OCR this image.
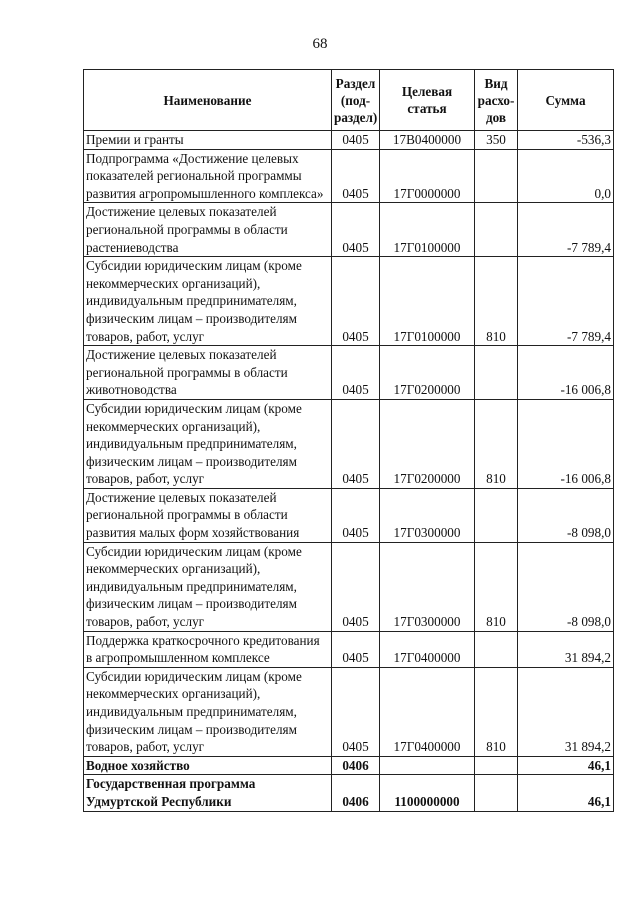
68
Наименование	Раздел (под-раздел)	Целевая статья	Вид расхо-дов	Сумма
Премии и гранты	0405	17В0400000	350	-536,3
Подпрограмма «Достижение целевых показателей региональной программы развития агропромышленного комплекса»	0405	17Г0000000		0,0
Достижение целевых показателей региональной программы в области растениеводства	0405	17Г0100000		-7 789,4
Субсидии юридическим лицам (кроме некоммерческих организаций), индивидуальным предпринимателям, физическим лицам – производителям товаров, работ, услуг	0405	17Г0100000	810	-7 789,4
Достижение целевых показателей региональной программы в области животноводства	0405	17Г0200000		-16 006,8
Субсидии юридическим лицам (кроме некоммерческих организаций), индивидуальным предпринимателям, физическим лицам – производителям товаров, работ, услуг	0405	17Г0200000	810	-16 006,8
Достижение целевых показателей региональной программы в области развития малых форм хозяйствования	0405	17Г0300000		-8 098,0
Субсидии юридическим лицам (кроме некоммерческих организаций), индивидуальным предпринимателям, физическим лицам – производителям товаров, работ, услуг	0405	17Г0300000	810	-8 098,0
Поддержка краткосрочного кредитования в агропромышленном комплексе	0405	17Г0400000		31 894,2
Субсидии юридическим лицам (кроме некоммерческих организаций), индивидуальным предпринимателям, физическим лицам – производителям товаров, работ, услуг	0405	17Г0400000	810	31 894,2
Водное хозяйство	0406			46,1
Государственная программа Удмуртской Республики	0406	1100000000		46,1
